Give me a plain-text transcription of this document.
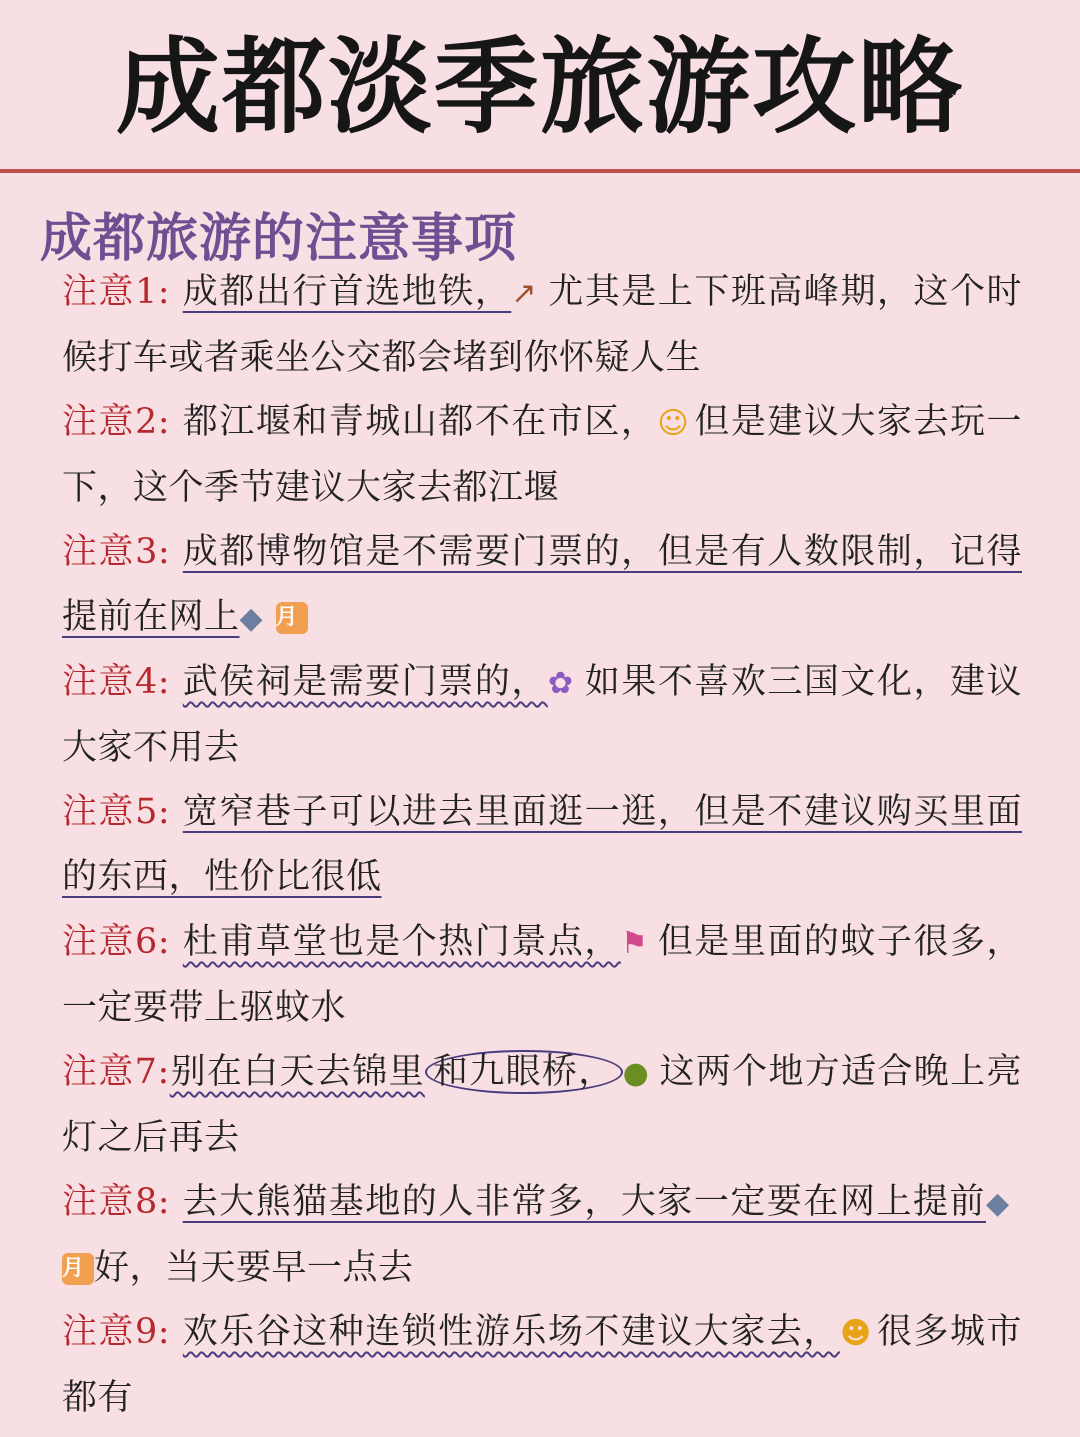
成都淡季旅游攻略
成都旅游的注意事项
注意1: 成都出行首选地铁，↗ 尤其是上下班高峰期，这个时候打车或者乘坐公交都会堵到你怀疑人生
注意2: 都江堰和青城山都不在市区，☺ 但是建议大家去玩一下，这个季节建议大家去都江堰
注意3: 成都博物馆是不需要门票的，但是有人数限制，记得提前在网上◆ 月
注意4: 武侯祠是需要门票的，✿ 如果不喜欢三国文化，建议大家不用去
注意5: 宽窄巷子可以进去里面逛一逛，但是不建议购买里面的东西，性价比很低
注意6: 杜甫草堂也是个热门景点，⚑ 但是里面的蚊子很多，一定要带上驱蚊水
注意7:别在白天去锦里 和九眼桥， ● 这两个地方适合晚上亮灯之后再去
注意8: 去大熊猫基地的人非常多，大家一定要在网上提前◆月 好，当天要早一点去
注意9: 欢乐谷这种连锁性游乐场不建议大家去，☻ 很多城市都有
